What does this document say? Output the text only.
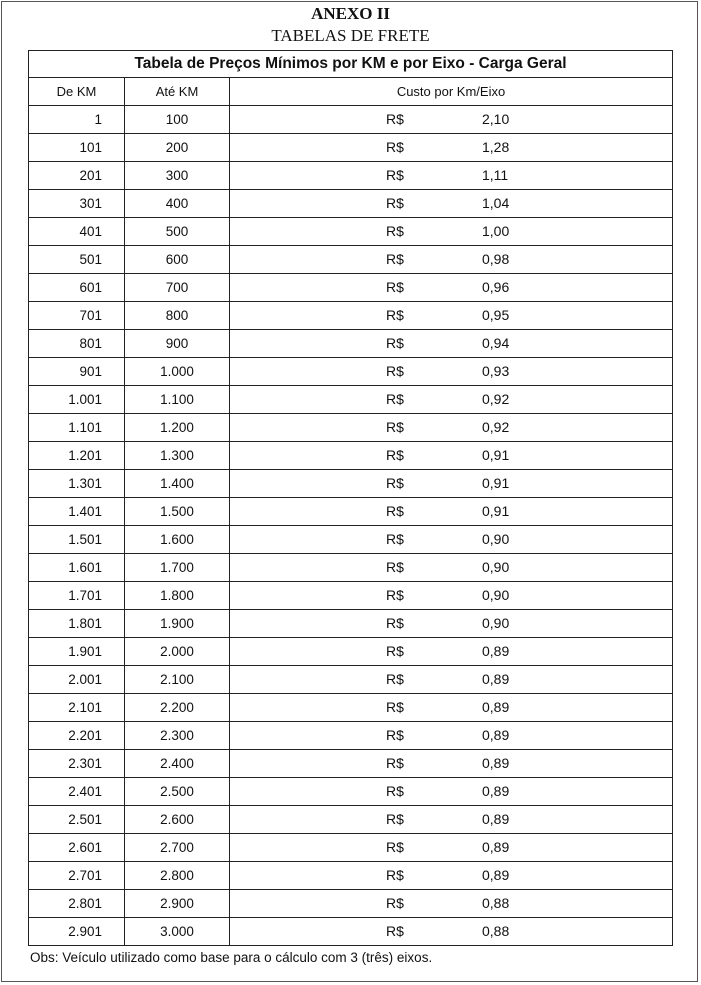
ANEXO II
TABELAS DE FRETE
Tabela de Preços Mínimos por KM e por Eixo - Carga Geral		
De KM	Até KM	Custo por Km/Eixo
1	100	R$ 2,10

101	200	R$ 1,28

201	300	R$ 1,11

301	400	R$ 1,04

401	500	R$ 1,00

501	600	R$ 0,98

601	700	R$ 0,96

701	800	R$ 0,95

801	900	R$ 0,94

901	1.000	R$ 0,93

1.001	1.100	R$ 0,92

1.101	1.200	R$ 0,92

1.201	1.300	R$ 0,91

1.301	1.400	R$ 0,91

1.401	1.500	R$ 0,91

1.501	1.600	R$ 0,90

1.601	1.700	R$ 0,90

1.701	1.800	R$ 0,90

1.801	1.900	R$ 0,90

1.901	2.000	R$ 0,89

2.001	2.100	R$ 0,89

2.101	2.200	R$ 0,89

2.201	2.300	R$ 0,89

2.301	2.400	R$ 0,89

2.401	2.500	R$ 0,89

2.501	2.600	R$ 0,89

2.601	2.700	R$ 0,89

2.701	2.800	R$ 0,89

2.801	2.900	R$ 0,88

2.901	3.000	R$ 0,88
Obs: Veículo utilizado como base para o cálculo com 3 (três) eixos.
